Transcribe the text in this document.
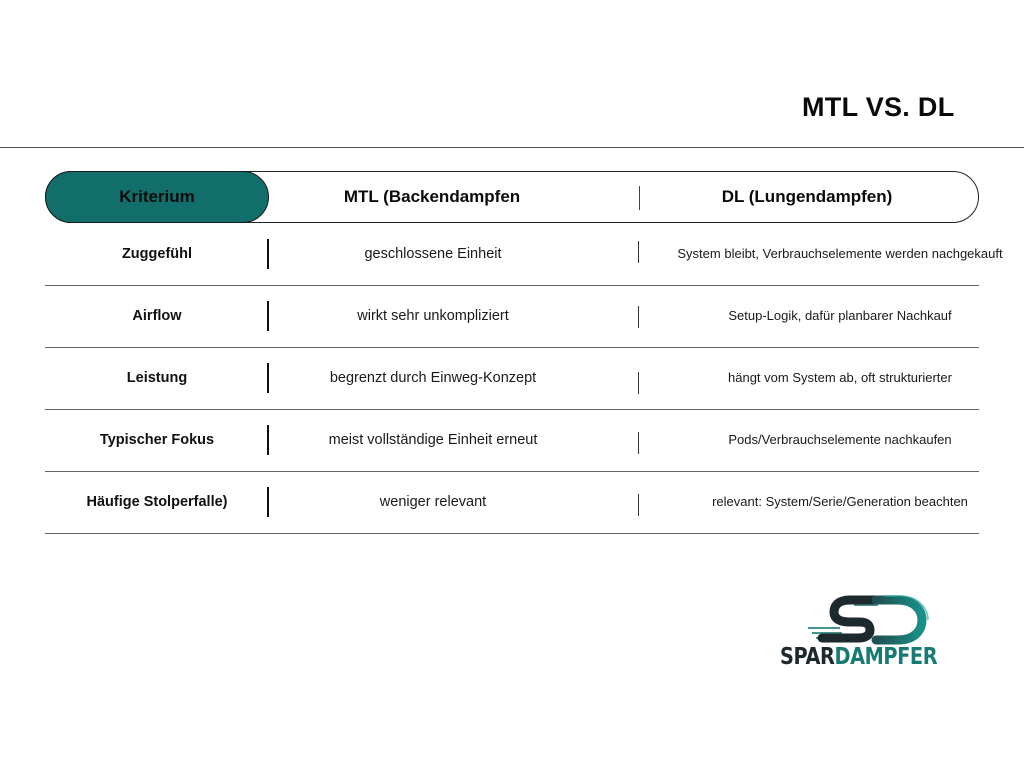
MTL VS. DL
Kriterium	MTL (Backendampfen	DL (Lungendampfen)
Zuggefühl	geschlossene Einheit	System bleibt, Verbrauchselemente werden nachgekauft
Airflow	wirkt sehr unkompliziert	Setup-Logik, dafür planbarer Nachkauf
Leistung	begrenzt durch Einweg-Konzept	hängt vom System ab, oft strukturierter
Typischer Fokus	meist vollständige Einheit erneut	Pods/Verbrauchselemente nachkaufen
Häufige Stolperfalle)	weniger relevant	relevant: System/Serie/Generation beachten
SPARDAMPFER
